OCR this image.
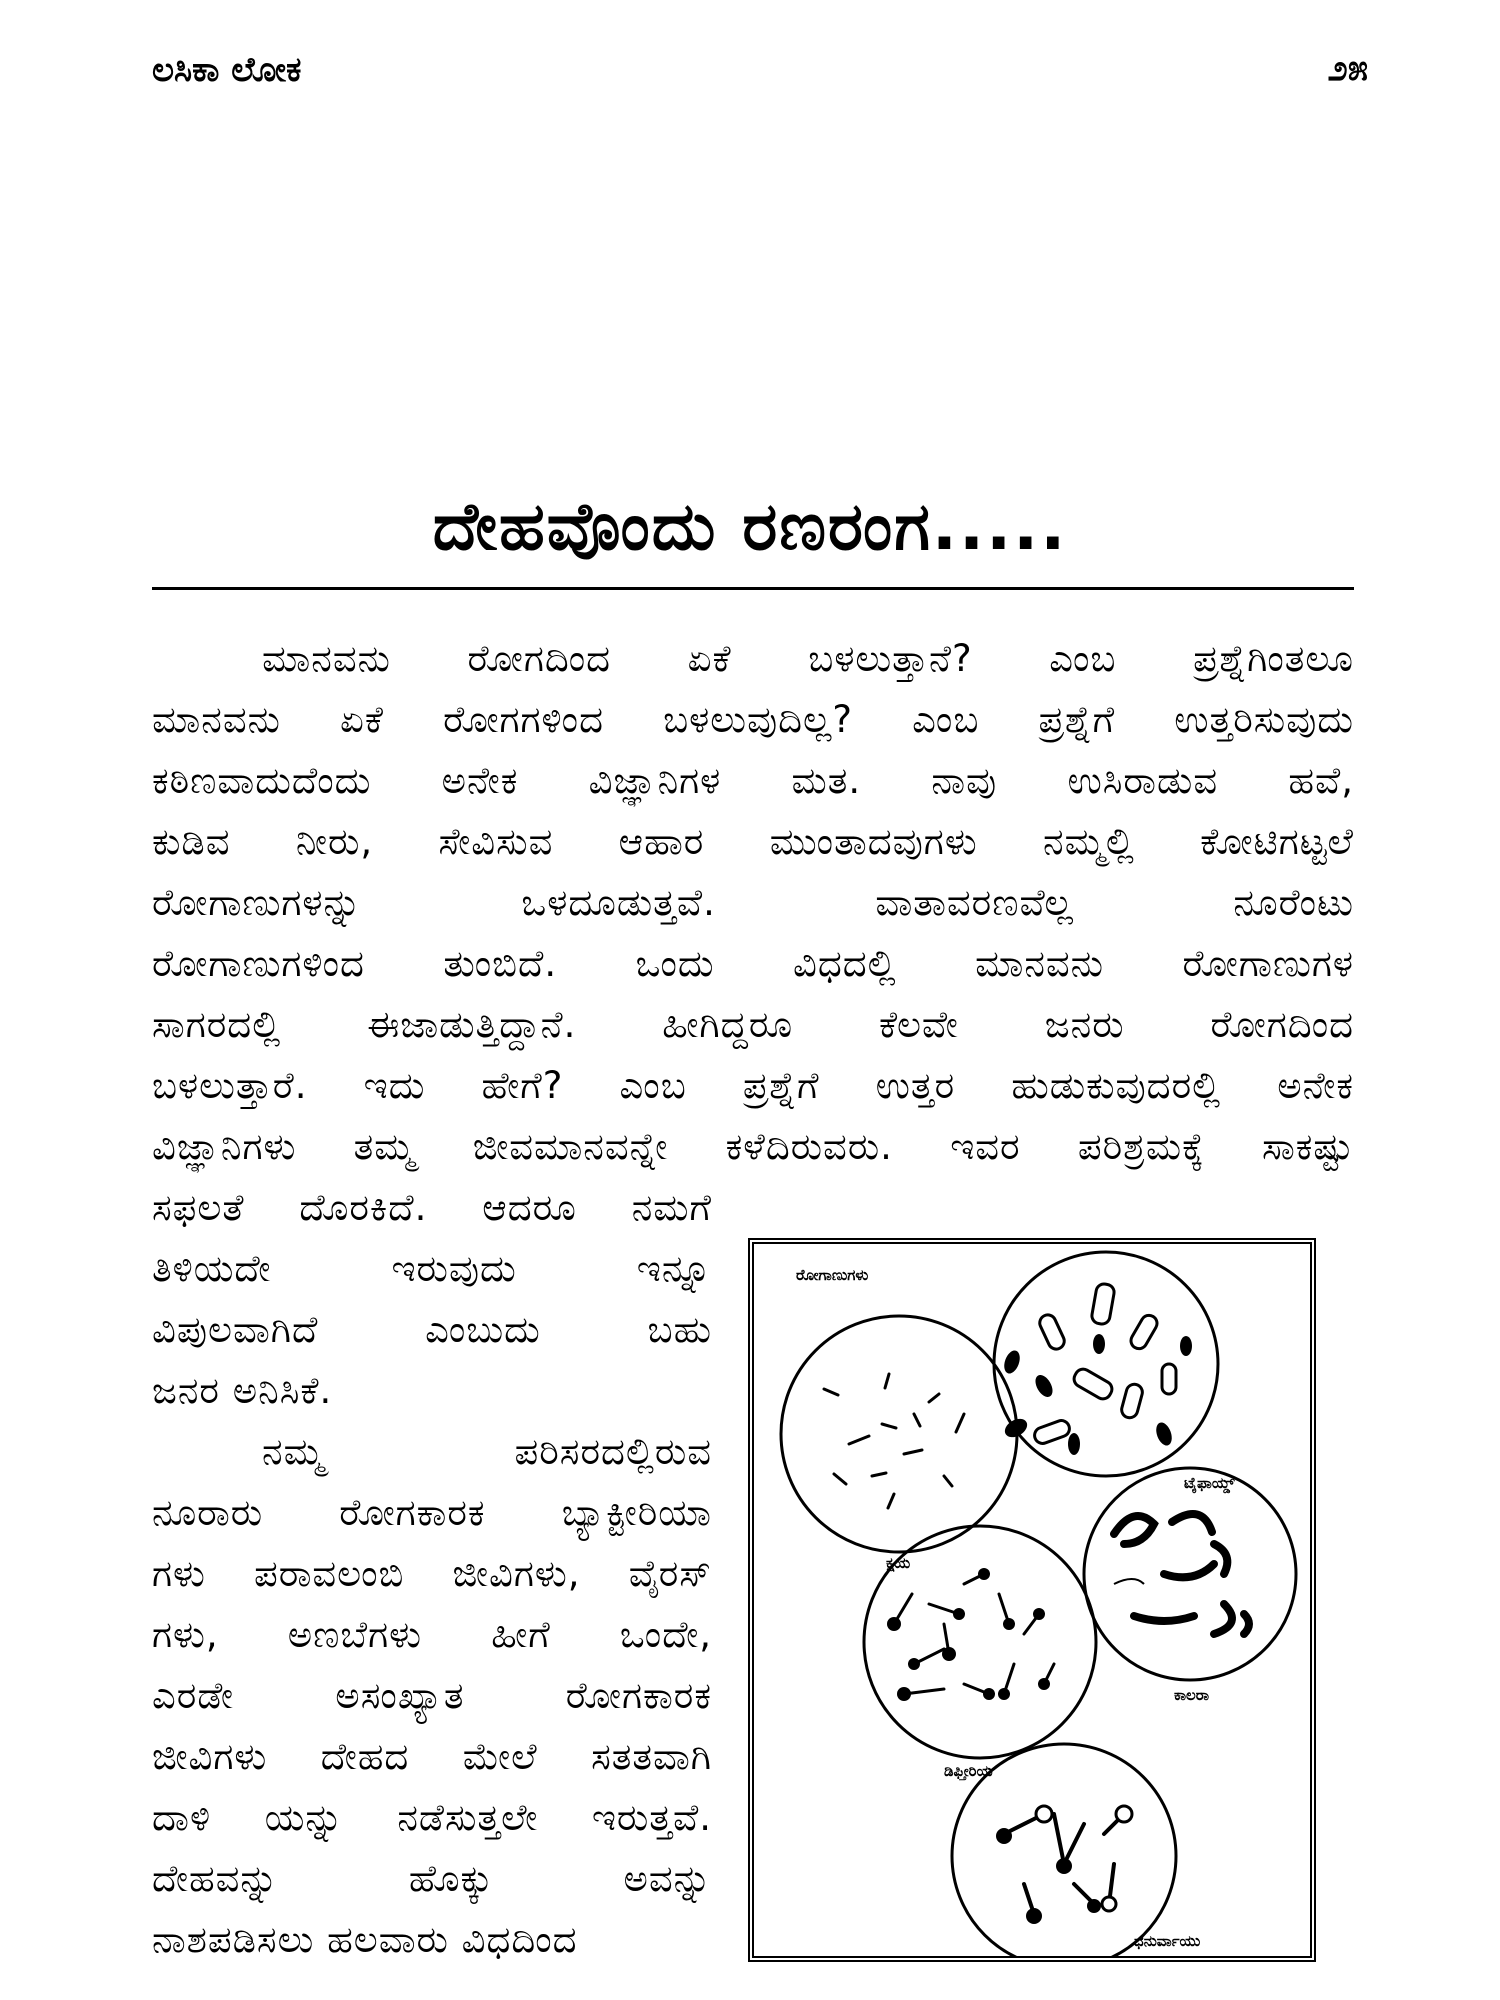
ಲಸಿಕಾ ಲೋಕ	೨೫
ದೇಹವೊಂದು ರಣರಂಗ.....
ಮಾನವನು ರೋಗದಿಂದ ಏಕೆ ಬಳಲುತ್ತಾನೆ? ಎಂಬ ಪ್ರಶ್ನೆಗಿಂತಲೂ
ಮಾನವನು ಏಕೆ ರೋಗಗಳಿಂದ ಬಳಲುವುದಿಲ್ಲ? ಎಂಬ ಪ್ರಶ್ನೆಗೆ ಉತ್ತರಿಸುವುದು
ಕಠಿಣವಾದುದೆಂದು ಅನೇಕ ವಿಜ್ಞಾನಿಗಳ ಮತ. ನಾವು ಉಸಿರಾಡುವ ಹವೆ,
ಕುಡಿವ ನೀರು, ಸೇವಿಸುವ ಆಹಾರ ಮುಂತಾದವುಗಳು ನಮ್ಮಲ್ಲಿ ಕೋಟಿಗಟ್ಟಲೆ
ರೋಗಾಣುಗಳನ್ನು ಒಳದೂಡುತ್ತವೆ. ವಾತಾವರಣವೆಲ್ಲ ನೂರೆಂಟು
ರೋಗಾಣುಗಳಿಂದ ತುಂಬಿದೆ. ಒಂದು ವಿಧದಲ್ಲಿ ಮಾನವನು ರೋಗಾಣುಗಳ
ಸಾಗರದಲ್ಲಿ ಈಜಾಡುತ್ತಿದ್ದಾನೆ. ಹೀಗಿದ್ದರೂ ಕೆಲವೇ ಜನರು ರೋಗದಿಂದ
ಬಳಲುತ್ತಾರೆ. ಇದು ಹೇಗೆ? ಎಂಬ ಪ್ರಶ್ನೆಗೆ ಉತ್ತರ ಹುಡುಕುವುದರಲ್ಲಿ ಅನೇಕ
ವಿಜ್ಞಾನಿಗಳು ತಮ್ಮ ಜೀವಮಾನವನ್ನೇ ಕಳೆದಿರುವರು. ಇವರ ಪರಿಶ್ರಮಕ್ಕೆ ಸಾಕಷ್ಟು
ಸಫಲತೆ ದೊರಕಿದೆ. ಆದರೂ ನಮಗೆ
ತಿಳಿಯದೇ ಇರುವುದು ಇನ್ನೂ
ವಿಪುಲವಾಗಿದೆ ಎಂಬುದು ಬಹು
ಜನರ ಅನಿಸಿಕೆ.
ನಮ್ಮ ಪರಿಸರದಲ್ಲಿರುವ
ನೂರಾರು ರೋಗಕಾರಕ ಬ್ಯಾಕ್ಟೀರಿಯಾ
ಗಳು ಪರಾವಲಂಬಿ ಜೀವಿಗಳು, ವೈರಸ್
ಗಳು, ಅಣಬೆಗಳು ಹೀಗೆ ಒಂದೇ,
ಎರಡೇ ಅಸಂಖ್ಯಾತ ರೋಗಕಾರಕ
ಜೀವಿಗಳು ದೇಹದ ಮೇಲೆ ಸತತವಾಗಿ
ದಾಳಿ ಯನ್ನು ನಡೆಸುತ್ತಲೇ ಇರುತ್ತವೆ.
ದೇಹವನ್ನು ಹೊಕ್ಕು ಅವನ್ನು
ನಾಶಪಡಿಸಲು ಹಲವಾರು ವಿಧದಿಂದ
ರೋಗಾಣುಗಳು
ಕ್ಷಯ
ಟೈಫಾಯ್ಡ್
ಕಾಲರಾ
ಡಿಫ್ತೀರಿಯ
ಧನುರ್ವಾಯು
